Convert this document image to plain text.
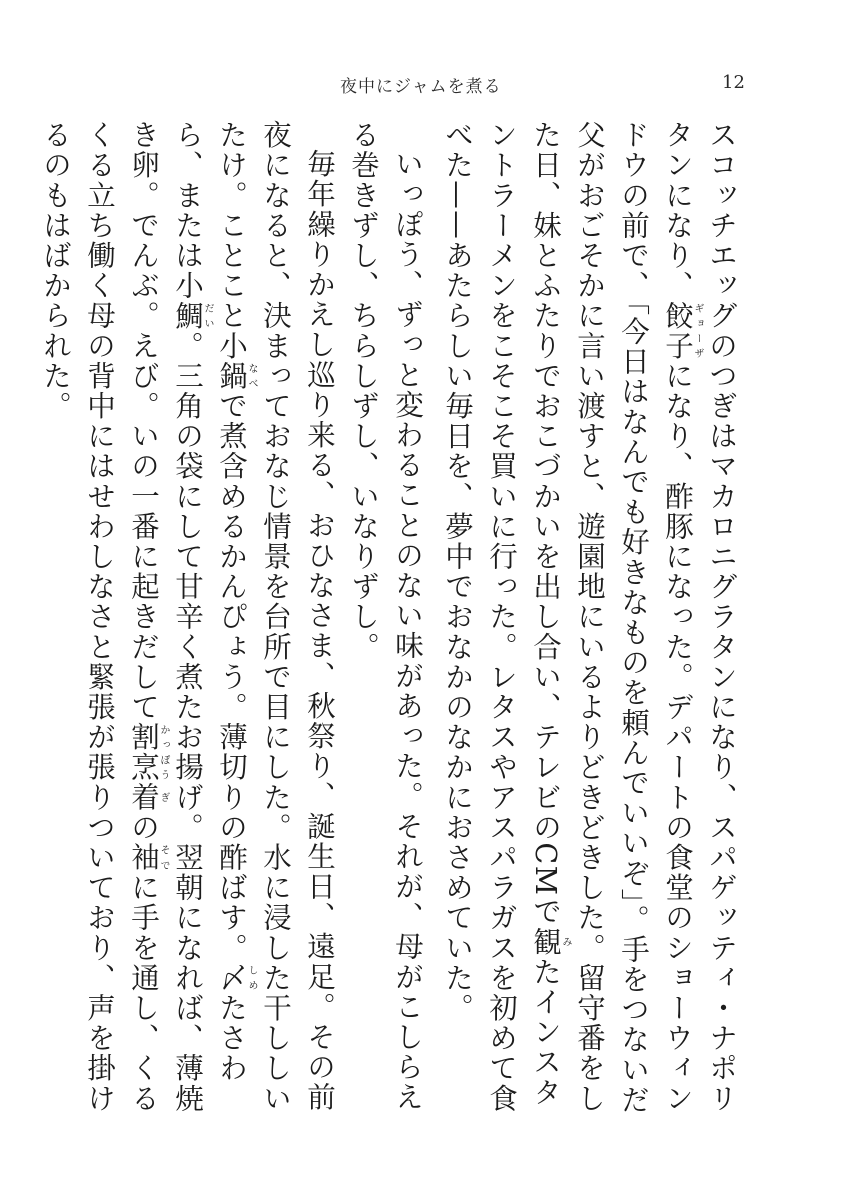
夜中にジャムを煮る	12

スコッチエッグのつぎはマカロニグラタンになり、スパゲッティ・ナポリタンになり、餃子ギョーザになり、酢豚になった。デパートの食堂のショーウィンドウの前で、「今日はなんでも好きなものを頼んでいいぞ」。手をつないだ父がおごそかに言い渡すと、遊園地にいるよりどきどきした。留守番をした日、妹とふたりでおこづかいを出し合い、テレビのCMで観みたインスタントラーメンをこそこそ買いに行った。レタスやアスパラガスを初めて食べた——あたらしい毎日を、夢中でおなかのなかにおさめていた。

いっぽう、ずっと変わることのない味があった。それが、母がこしらえる巻きずし、ちらしずし、いなりずし。

毎年繰りかえし巡り来る、おひなさま、秋祭り、誕生日、遠足。その前夜になると、決まっておなじ情景を台所で目にした。水に浸した干ししいたけ。ことこと小鍋なべで煮含めるかんぴょう。薄切りの酢ばす。〆しめたさわら、または小鯛だい。三角の袋にして甘辛く煮たお揚げ。翌朝になれば、薄焼き卵。でんぶ。えび。いの一番に起きだして割烹かっぽう着ぎの袖そでに手を通し、くるくる立ち働く母の背中にはせわしなさと緊張が張りついており、声を掛けるのもはばかられた。
